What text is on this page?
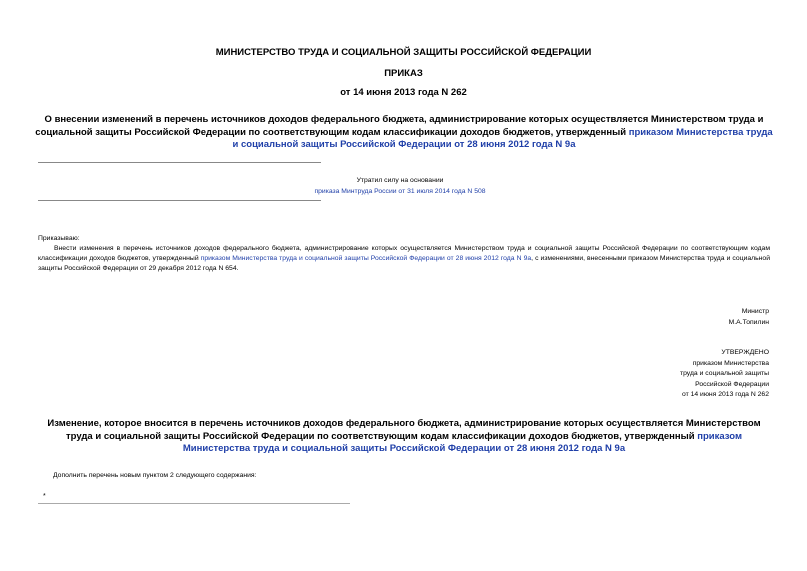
МИНИСТЕРСТВО ТРУДА И СОЦИАЛЬНОЙ ЗАЩИТЫ РОССИЙСКОЙ ФЕДЕРАЦИИ
ПРИКАЗ
от 14 июня 2013 года N 262
О внесении изменений в перечень источников доходов федерального бюджета, администрирование которых осуществляется Министерством труда и социальной защиты Российской Федерации по соответствующим кодам классификации доходов бюджетов, утвержденный приказом Министерства труда и социальной защиты Российской Федерации от 28 июня 2012 года N 9а
Утратил силу на основании
приказа Минтруда России от 31 июля 2014 года N 508
Приказываю:
Внести изменения в перечень источников доходов федерального бюджета, администрирование которых осуществляется Министерством труда и социальной защиты Российской Федерации по соответствующим кодам классификации доходов бюджетов, утвержденный приказом Министерства труда и социальной защиты Российской Федерации от 28 июня 2012 года N 9а, с изменениями, внесенными приказом Министерства труда и социальной защиты Российской Федерации от 29 декабря 2012 года N 654.
Министр
М.А.Топилин
УТВЕРЖДЕНО
приказом Министерства
труда и социальной защиты
Российской Федерации
от 14 июня 2013 года N 262
Изменение, которое вносится в перечень источников доходов федерального бюджета, администрирование которых осуществляется Министерством труда и социальной защиты Российской Федерации по соответствующим кодам классификации доходов бюджетов, утвержденный приказом Министерства труда и социальной защиты Российской Федерации от 28 июня 2012 года N 9а
Дополнить перечень новым пунктом 2 следующего содержания:
*
